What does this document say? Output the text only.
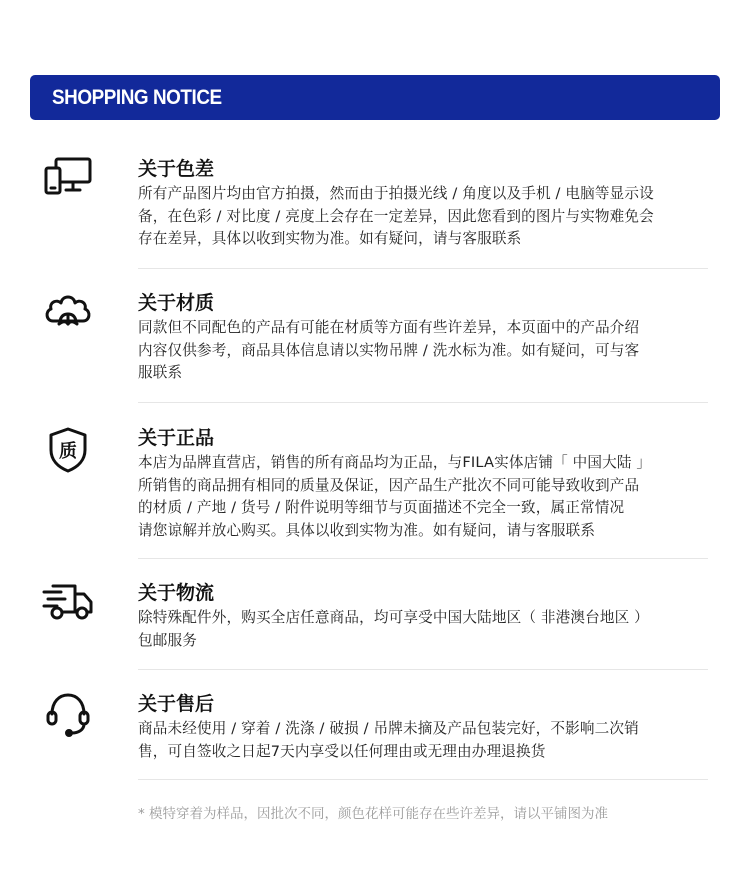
SHOPPING NOTICE
关于色差
所有产品图片均由官方拍摄，然而由于拍摄光线 / 角度以及手机 / 电脑等显示设
备，在色彩 / 对比度 / 亮度上会存在一定差异，因此您看到的图片与实物难免会
存在差异，具体以收到实物为准。如有疑问，请与客服联系
关于材质
同款但不同配色的产品有可能在材质等方面有些许差异，本页面中的产品介绍
内容仅供参考，商品具体信息请以实物吊牌 / 洗水标为准。如有疑问，可与客
服联系
质
关于正品
本店为品牌直营店，销售的所有商品均为正品，与FILA实体店铺「 中国大陆 」
所销售的商品拥有相同的质量及保证，因产品生产批次不同可能导致收到产品
的材质 / 产地 / 货号 / 附件说明等细节与页面描述不完全一致，属正常情况
请您谅解并放心购买。具体以收到实物为准。如有疑问，请与客服联系
关于物流
除特殊配件外，购买全店任意商品，均可享受中国大陆地区（ 非港澳台地区 ）
包邮服务
关于售后
商品未经使用 / 穿着 / 洗涤 / 破损 / 吊牌未摘及产品包装完好，不影响二次销
售，可自签收之日起7天内享受以任何理由或无理由办理退换货
* 模特穿着为样品，因批次不同，颜色花样可能存在些许差异，请以平铺图为准
